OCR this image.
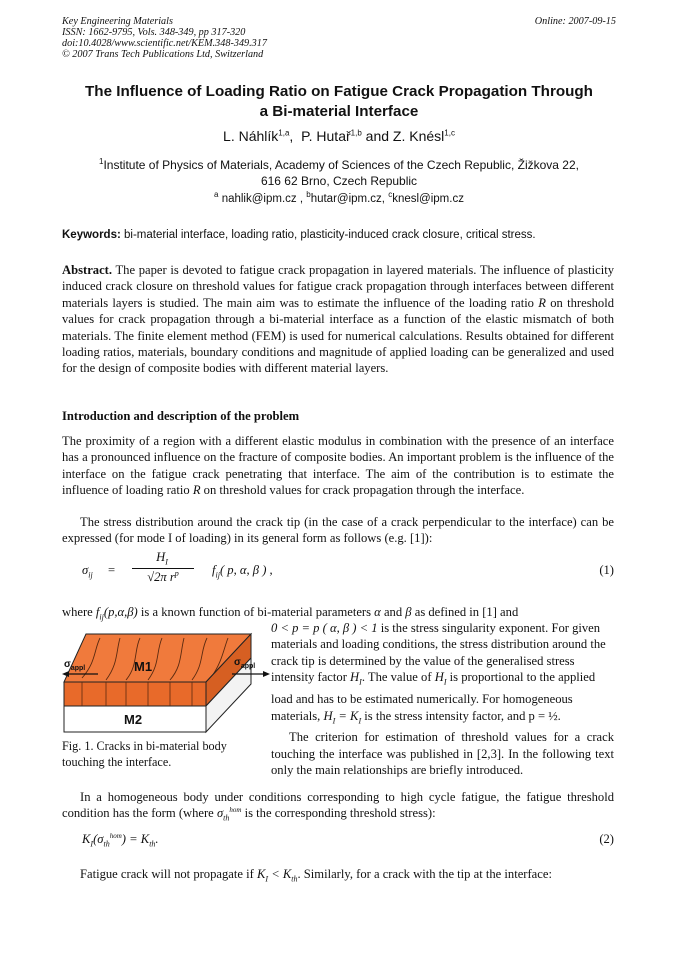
Key Engineering Materials
ISSN: 1662-9795, Vols. 348-349, pp 317-320
doi:10.4028/www.scientific.net/KEM.348-349.317
© 2007 Trans Tech Publications Ltd, Switzerland
Online: 2007-09-15
The Influence of Loading Ratio on Fatigue Crack Propagation Through
a Bi-material Interface
L. Náhlík$^{1,a}$,  P. Hutař$^{1,b}$ and Z. Knésl$^{1,c}$
$^1$Institute of Physics of Materials, Academy of Sciences of the Czech Republic, Žižkova 22,
616 62 Brno, Czech Republic
$^a$ nahlik@ipm.cz , $^b$hutar@ipm.cz, $^c$knesl@ipm.cz
Keywords: bi-material interface, loading ratio, plasticity-induced crack closure, critical stress.
Abstract. The paper is devoted to fatigue crack propagation in layered materials. The influence of plasticity induced crack closure on threshold values for fatigue crack propagation through interfaces between different materials layers is studied. The main aim was to estimate the influence of the loading ratio R on threshold values for crack propagation through a bi-material interface as a function of the elastic mismatch of both materials. The finite element method (FEM) is used for numerical calculations. Results obtained for different loading ratios, materials, boundary conditions and magnitude of applied loading can be generalized and used for the design of composite bodies with different material layers.
Introduction and description of the problem
The proximity of a region with a different elastic modulus in combination with the presence of an interface has a pronounced influence on the fracture of composite bodies. An important problem is the influence of the interface on the fatigue crack penetrating that interface. The aim of the contribution is to estimate the influence of loading ratio R on threshold values for crack propagation through the interface.
The stress distribution around the crack tip (in the case of a crack perpendicular to the interface) can be expressed (for mode I of loading) in its general form as follows (e.g. [1]):
$\sigma_{ij}$ =
$H_I$
√2π $r^p$	$f_{ij}$( p, α, β ) ,	(1)
where $f_{ij}(p,\alpha,\beta)$ is a known function of bi-material parameters α and β as defined in [1] and
$\sigma_{appl}$
$\sigma_{appl}$
M1
M2
Fig. 1. Cracks in bi-material body touching the interface.
0 < p = p ( α, β ) < 1 is the stress singularity exponent. For given materials and loading conditions, the stress distribution around the crack tip is determined by the value of the generalised stress intensity factor $H_I$. The value of $H_I$ is proportional to the applied load and has to be estimated numerically. For homogeneous materials, $H_I = K_I$ is the stress intensity factor, and p = ½.
The criterion for estimation of threshold values for a crack touching the interface was published in [2,3]. In the following text only the main relationships are briefly introduced.
In a homogeneous body under conditions corresponding to high cycle fatigue, the fatigue threshold condition has the form (where $\sigma_{th}^{hom}$ is the corresponding threshold stress):
$K_I(\sigma_{th}^{hom}) = K_{th}$.	(2)
Fatigue crack will not propagate if $K_I < K_{th}$. Similarly, for a crack with the tip at the interface:
